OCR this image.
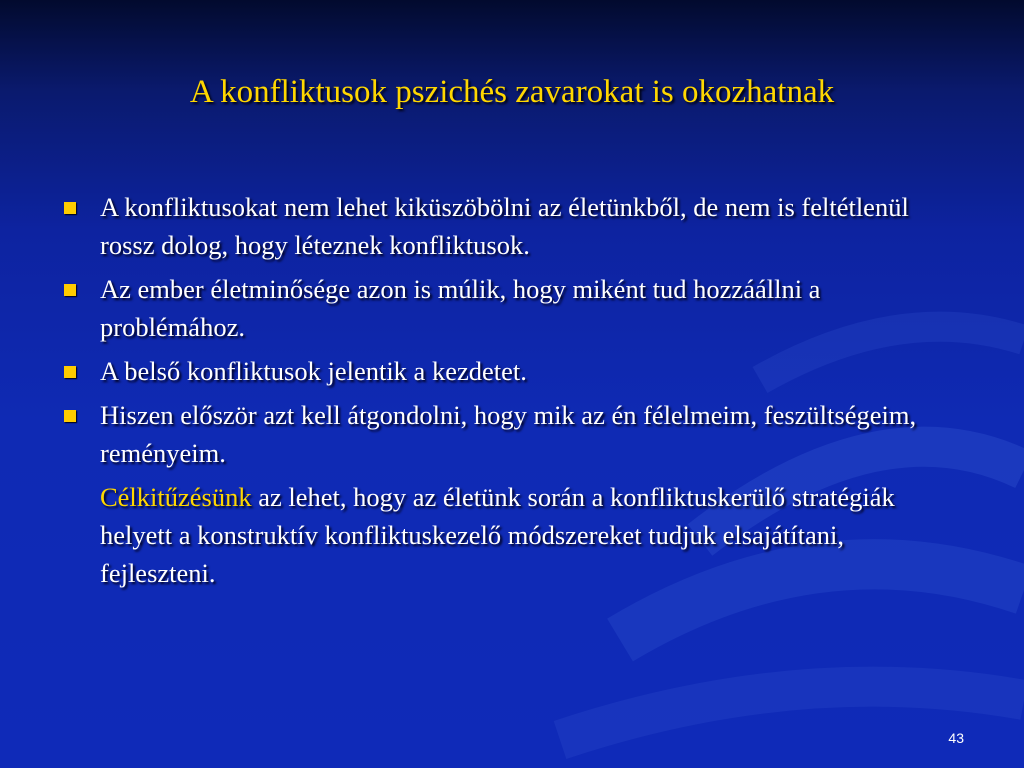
A konfliktusok pszichés zavarokat is okozhatnak
A konfliktusokat nem lehet kiküszöbölni az életünkből, de nem is feltétlenül rossz dolog, hogy léteznek konfliktusok.
Az ember életminősége azon is múlik, hogy miként tud hozzáállni a problémához.
A belső konfliktusok jelentik a kezdetet.
Hiszen először azt kell átgondolni, hogy mik az én félelmeim, feszültségeim, reményeim.
Célkitűzésünk az lehet, hogy az életünk során a konfliktuskerülő stratégiák helyett a konstruktív konfliktuskezelő módszereket tudjuk elsajátítani, fejleszteni.
43
